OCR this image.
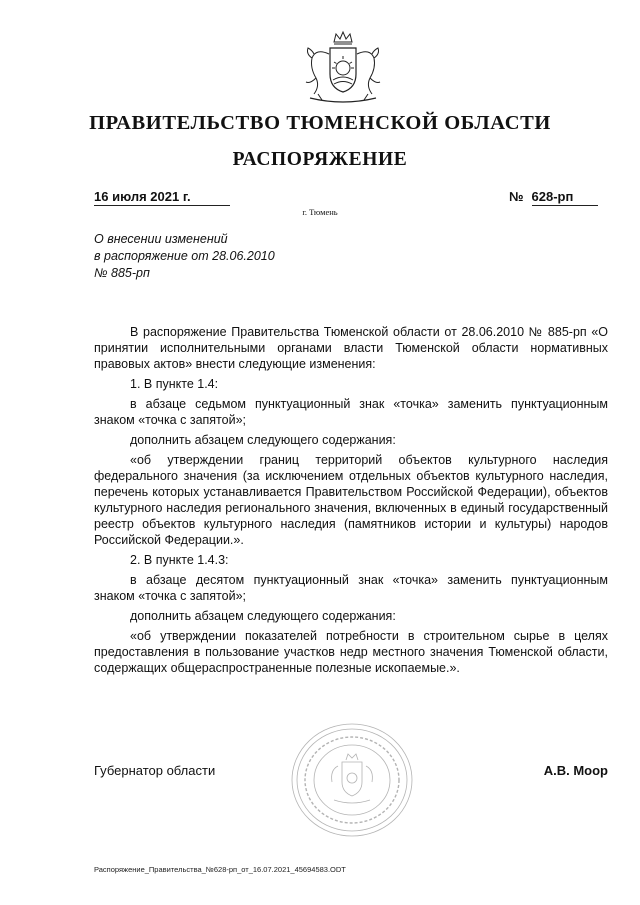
ПРАВИТЕЛЬСТВО ТЮМЕНСКОЙ ОБЛАСТИ
РАСПОРЯЖЕНИЕ
16 июля 2021 г.	№ 628-рп
г. Тюмень
О внесении изменений
в распоряжение от 28.06.2010
№ 885-рп

В распоряжение Правительства Тюменской области от 28.06.2010 № 885-рп «О принятии исполнительными органами власти Тюменской области нормативных правовых актов» внести следующие изменения:

1. В пункте 1.4:

в абзаце седьмом пунктуационный знак «точка» заменить пунктуационным знаком «точка с запятой»;

дополнить абзацем следующего содержания:

«об утверждении границ территорий объектов культурного наследия федерального значения (за исключением отдельных объектов культурного наследия, перечень которых устанавливается Правительством Российской Федерации), объектов культурного наследия регионального значения, включенных в единый государственный реестр объектов культурного наследия (памятников истории и культуры) народов Российской Федерации.».

2. В пункте 1.4.3:

в абзаце десятом пунктуационный знак «точка» заменить пунктуационным знаком «точка с запятой»;

дополнить абзацем следующего содержания:

«об утверждении показателей потребности в строительном сырье в целях предоставления в пользование участков недр местного значения Тюменской области, содержащих общераспространенные полезные ископаемые.».

Губернатор области	А.В. Моор
Распоряжение_Правительства_№628-рп_от_16.07.2021_45694583.ODT
